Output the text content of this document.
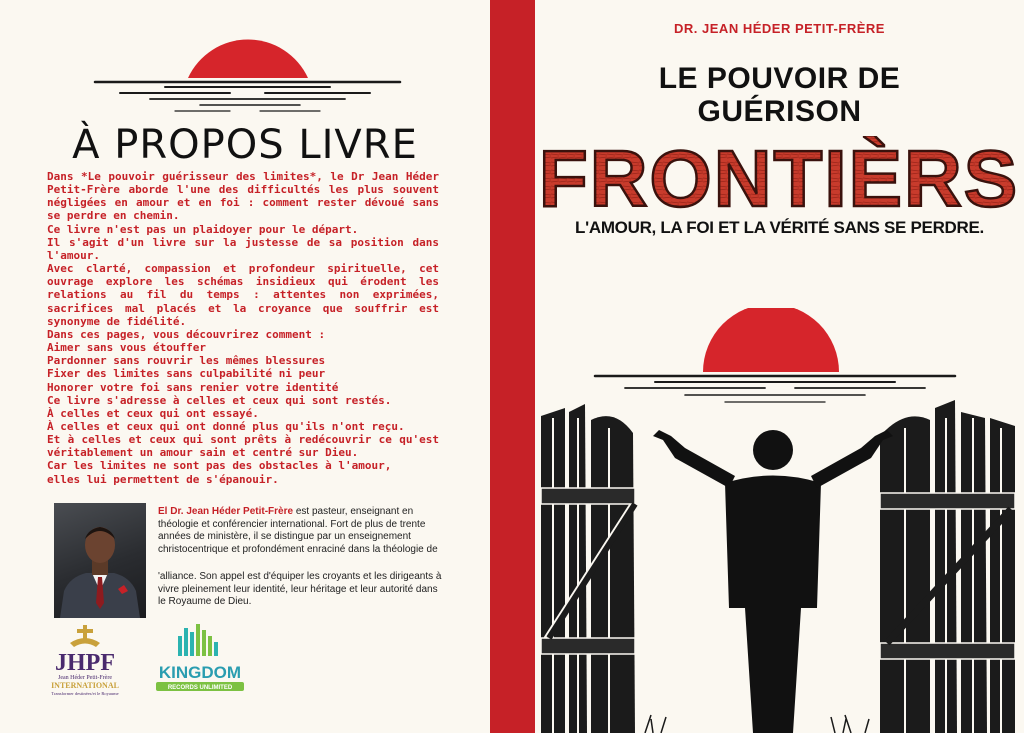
À PROPOS LIVRE
Dans *Le pouvoir guérisseur des limites*, le Dr Jean Héder Petit-Frère aborde l'une des difficultés les plus souvent négligées en amour et en foi : comment rester dévoué sans se perdre en chemin.
Ce livre n'est pas un plaidoyer pour le départ.
Il s'agit d'un livre sur la justesse de sa position dans l'amour.
Avec clarté, compassion et profondeur spirituelle, cet ouvrage explore les schémas insidieux qui érodent les relations au fil du temps : attentes non exprimées, sacrifices mal placés et la croyance que souffrir est synonyme de fidélité.
Dans ces pages, vous découvrirez comment :
Aimer sans vous étouffer
Pardonner sans rouvrir les mêmes blessures
Fixer des limites sans culpabilité ni peur
Honorer votre foi sans renier votre identité
Ce livre s'adresse à celles et ceux qui sont restés.
À celles et ceux qui ont essayé.
À celles et ceux qui ont donné plus qu'ils n'ont reçu.
Et à celles et ceux qui sont prêts à redécouvrir ce qu'est véritablement un amour sain et centré sur Dieu.
Car les limites ne sont pas des obstacles à l'amour,
elles lui permettent de s'épanouir.

El Dr. Jean Héder Petit-Frère est pasteur, enseignant en théologie et conférencier international. Fort de plus de trente années de ministère, il se distingue par un enseignement christocentrique et profondément enraciné dans la théologie de

'alliance. Son appel est d'équiper les croyants et les dirigeants à vivre pleinement leur identité, leur héritage et leur autorité dans le Royaume de Dieu.

JHPF
Jean Héder Petit-Frère
INTERNATIONAL
Transformer destinées/et le Royaume
KINGDOM
RECORDS UNLIMITED
DR. JEAN HÉDER PETIT-FRÈRE
LE POUVOIR DE
GUÉRISON
FRONTIÈRS
L'AMOUR, LA FOI ET LA VÉRITÉ SANS SE PERDRE.
